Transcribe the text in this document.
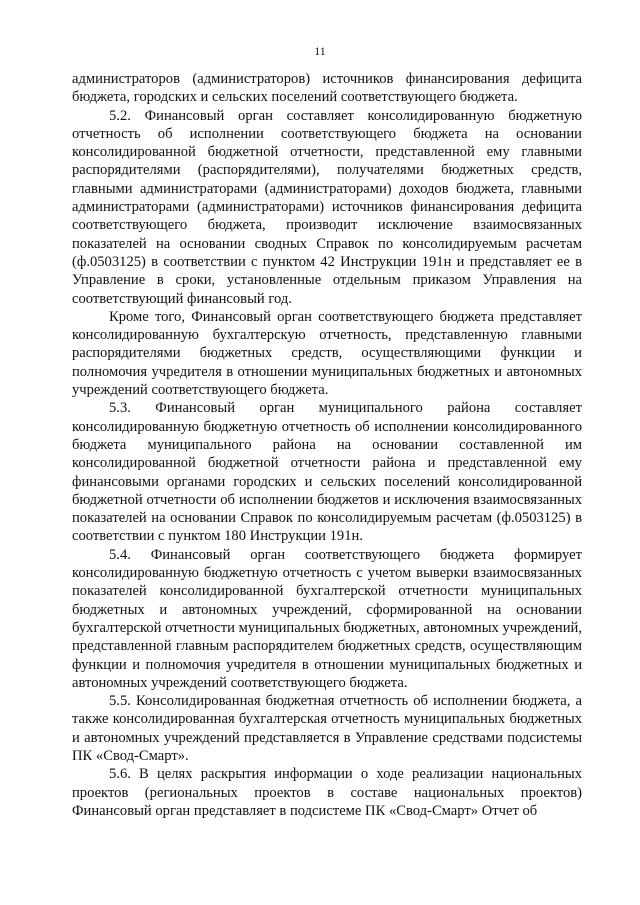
11

администраторов (администраторов) источников финансирования дефицита бюджета, городских и сельских поселений соответствующего бюджета.

5.2. Финансовый орган составляет консолидированную бюджетную отчетность об исполнении соответствующего бюджета на основании консолидированной бюджетной отчетности, представленной ему главными распорядителями (распорядителями), получателями бюджетных средств, главными администраторами (администраторами) доходов бюджета, главными администраторами (администраторами) источников финансирования дефицита соответствующего бюджета, производит исключение взаимосвязанных показателей на основании сводных Справок по консолидируемым расчетам (ф.0503125) в соответствии с пунктом 42 Инструкции 191н и представляет ее в Управление в сроки, установленные отдельным приказом Управления на соответствующий финансовый год.

Кроме того, Финансовый орган соответствующего бюджета представляет консолидированную бухгалтерскую отчетность, представленную главными распорядителями бюджетных средств, осуществляющими функции и полномочия учредителя в отношении муниципальных бюджетных и автономных учреждений соответствующего бюджета.

5.3. Финансовый орган муниципального района составляет консолидированную бюджетную отчетность об исполнении консолидированного бюджета муниципального района на основании составленной им консолидированной бюджетной отчетности района и представленной ему финансовыми органами городских и сельских поселений консолидированной бюджетной отчетности об исполнении бюджетов и исключения взаимосвязанных показателей на основании Справок по консолидируемым расчетам (ф.0503125) в соответствии с пунктом 180 Инструкции 191н.

5.4. Финансовый орган соответствующего бюджета формирует консолидированную бюджетную отчетность с учетом выверки взаимосвязанных показателей консолидированной бухгалтерской отчетности муниципальных бюджетных и автономных учреждений, сформированной на основании бухгалтерской отчетности муниципальных бюджетных, автономных учреждений, представленной главным распорядителем бюджетных средств, осуществляющим функции и полномочия учредителя в отношении муниципальных бюджетных и автономных учреждений соответствующего бюджета.

5.5. Консолидированная бюджетная отчетность об исполнении бюджета, а также консолидированная бухгалтерская отчетность муниципальных бюджетных и автономных учреждений представляется в Управление средствами подсистемы ПК «Свод-Смарт».

5.6. В целях раскрытия информации о ходе реализации национальных проектов (региональных проектов в составе национальных проектов) Финансовый орган представляет в подсистеме ПК «Свод-Смарт» Отчет об
